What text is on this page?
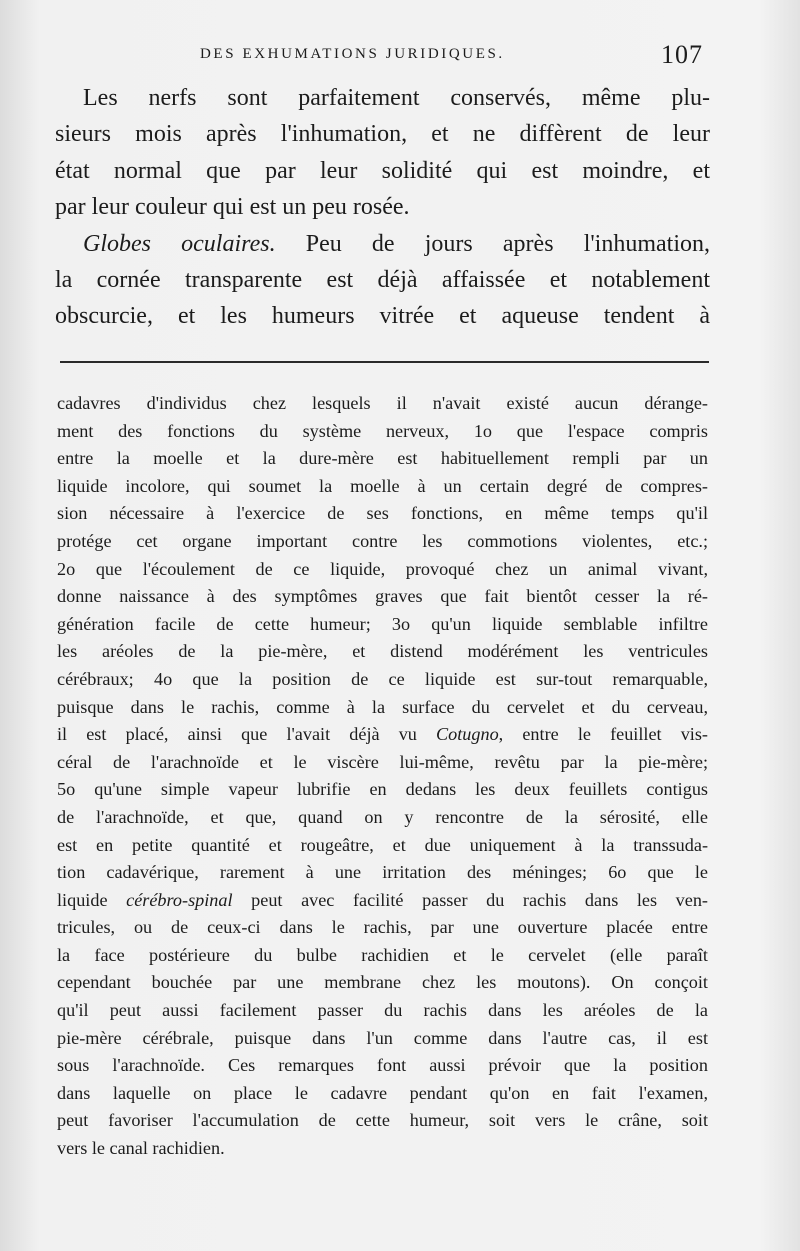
DES EXHUMATIONS JURIDIQUES.	107
Les nerfs sont parfaitement conservés, même plu-
sieurs mois après l'inhumation, et ne diffèrent de leur
état normal que par leur solidité qui est moindre, et
par leur couleur qui est un peu rosée.
Globes oculaires. Peu de jours après l'inhumation,
la cornée transparente est déjà affaissée et notablement
obscurcie, et les humeurs vitrée et aqueuse tendent à
cadavres d'individus chez lesquels il n'avait existé aucun dérange-
ment des fonctions du système nerveux, 1o que l'espace compris
entre la moelle et la dure-mère est habituellement rempli par un
liquide incolore, qui soumet la moelle à un certain degré de compres-
sion nécessaire à l'exercice de ses fonctions, en même temps qu'il
protége cet organe important contre les commotions violentes, etc.;
2o que l'écoulement de ce liquide, provoqué chez un animal vivant,
donne naissance à des symptômes graves que fait bientôt cesser la ré-
génération facile de cette humeur; 3o qu'un liquide semblable infiltre
les aréoles de la pie-mère, et distend modérément les ventricules
cérébraux; 4o que la position de ce liquide est sur-tout remarquable,
puisque dans le rachis, comme à la surface du cervelet et du cerveau,
il est placé, ainsi que l'avait déjà vu Cotugno, entre le feuillet vis-
céral de l'arachnoïde et le viscère lui-même, revêtu par la pie-mère;
5o qu'une simple vapeur lubrifie en dedans les deux feuillets contigus
de l'arachnoïde, et que, quand on y rencontre de la sérosité, elle
est en petite quantité et rougeâtre, et due uniquement à la transsuda-
tion cadavérique, rarement à une irritation des méninges; 6o que le
liquide cérébro-spinal peut avec facilité passer du rachis dans les ven-
tricules, ou de ceux-ci dans le rachis, par une ouverture placée entre
la face postérieure du bulbe rachidien et le cervelet (elle paraît
cependant bouchée par une membrane chez les moutons). On conçoit
qu'il peut aussi facilement passer du rachis dans les aréoles de la
pie-mère cérébrale, puisque dans l'un comme dans l'autre cas, il est
sous l'arachnoïde. Ces remarques font aussi prévoir que la position
dans laquelle on place le cadavre pendant qu'on en fait l'examen,
peut favoriser l'accumulation de cette humeur, soit vers le crâne, soit
vers le canal rachidien.
